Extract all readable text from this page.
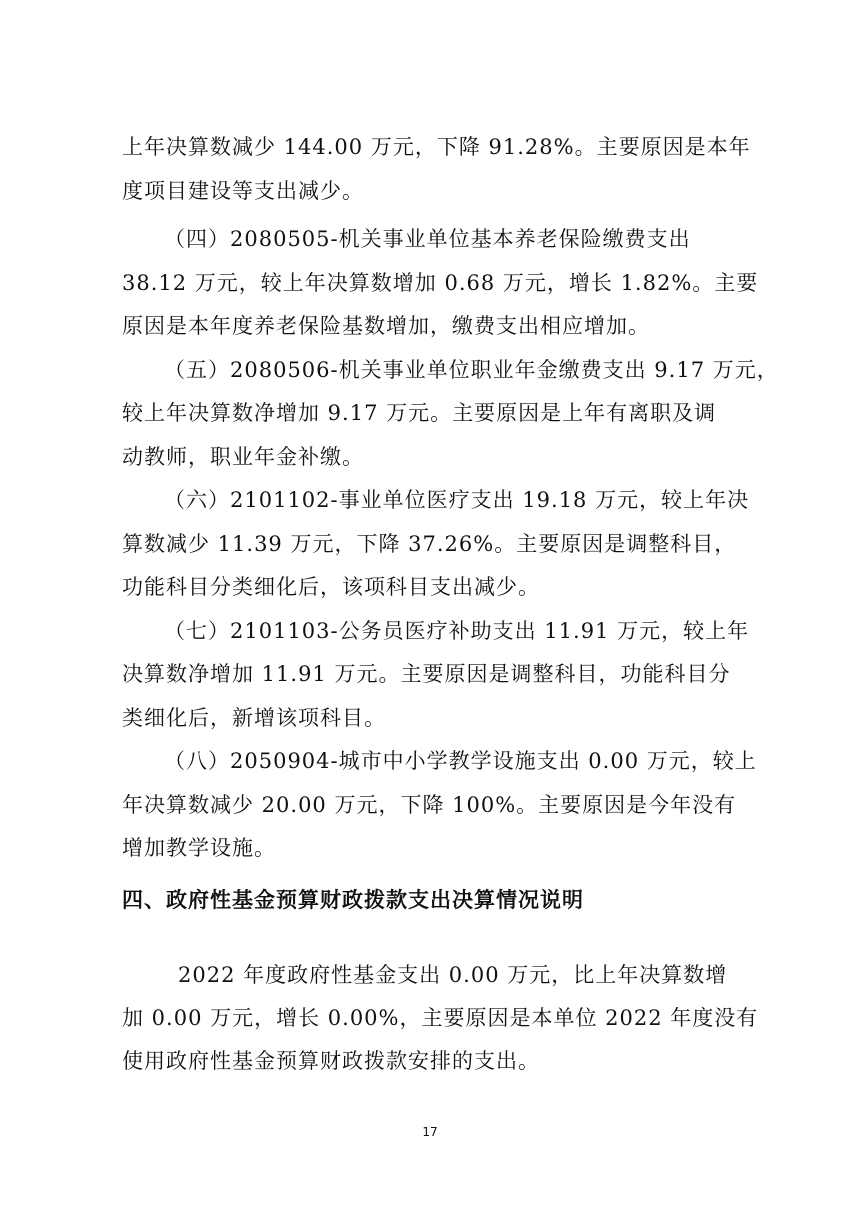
上年决算数减少 144.00 万元，下降 91.28%。主要原因是本年
度项目建设等支出减少。
（四）2080505-机关事业单位基本养老保险缴费支出
38.12 万元，较上年决算数增加 0.68 万元，增长 1.82%。主要
原因是本年度养老保险基数增加，缴费支出相应增加。
（五）2080506-机关事业单位职业年金缴费支出 9.17 万元，
较上年决算数净增加 9.17 万元。主要原因是上年有离职及调
动教师，职业年金补缴。
（六）2101102-事业单位医疗支出 19.18 万元，较上年决
算数减少 11.39 万元，下降 37.26%。主要原因是调整科目，
功能科目分类细化后，该项科目支出减少。
（七）2101103-公务员医疗补助支出 11.91 万元，较上年
决算数净增加 11.91 万元。主要原因是调整科目，功能科目分
类细化后，新增该项科目。
（八）2050904-城市中小学教学设施支出 0.00 万元，较上
年决算数减少 20.00 万元，下降 100%。主要原因是今年没有
增加教学设施。
四、政府性基金预算财政拨款支出决算情况说明
2022 年度政府性基金支出 0.00 万元，比上年决算数增
加 0.00 万元，增长 0.00%，主要原因是本单位 2022 年度没有
使用政府性基金预算财政拨款安排的支出。
17
